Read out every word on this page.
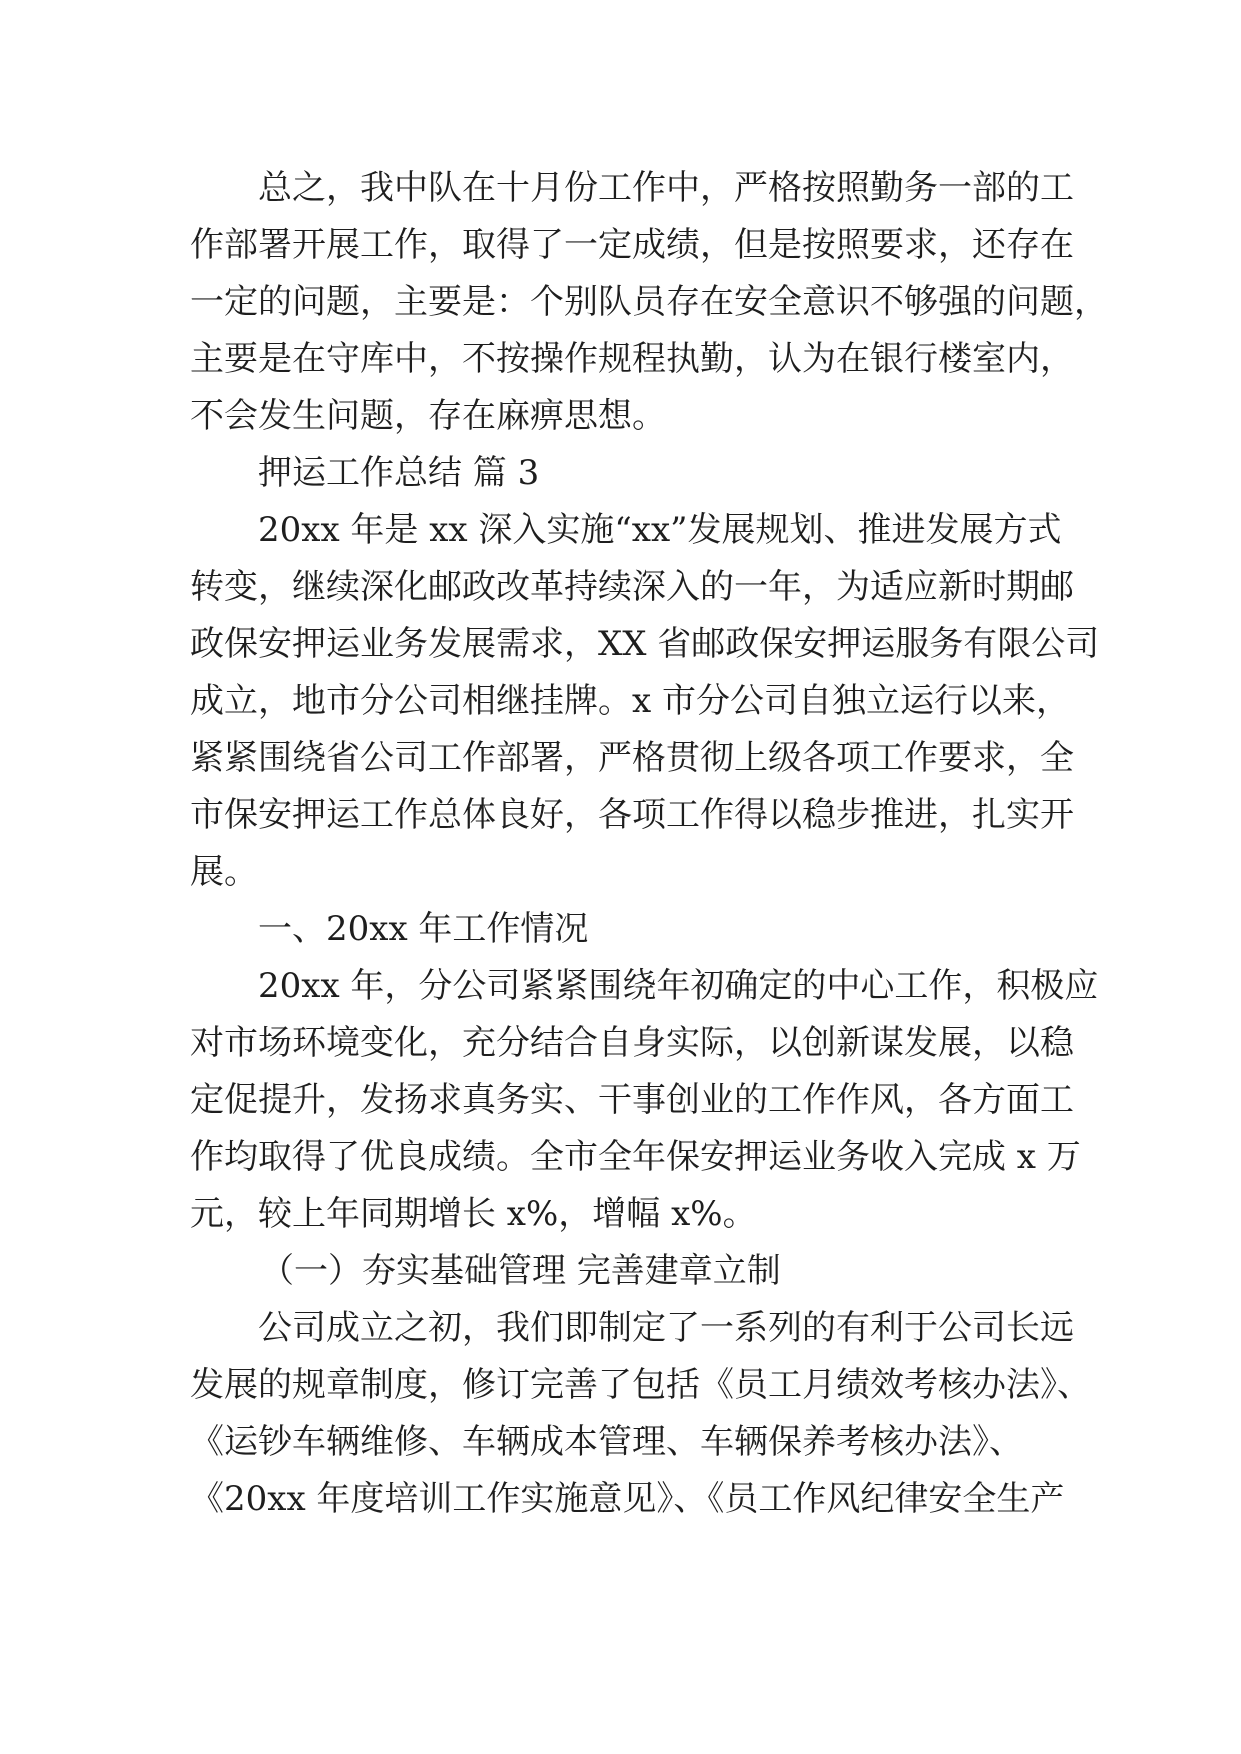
总之，我中队在十月份工作中，严格按照勤务一部的工

作部署开展工作，取得了一定成绩，但是按照要求，还存在

一定的问题，主要是：个别队员存在安全意识不够强的问题，

主要是在守库中，不按操作规程执勤，认为在银行楼室内，

不会发生问题，存在麻痹思想。

押运工作总结 篇 3

20xx 年是 xx 深入实施“xx”发展规划、推进发展方式

转变，继续深化邮政改革持续深入的一年，为适应新时期邮

政保安押运业务发展需求，XX 省邮政保安押运服务有限公司

成立，地市分公司相继挂牌。x 市分公司自独立运行以来，

紧紧围绕省公司工作部署，严格贯彻上级各项工作要求，全

市保安押运工作总体良好，各项工作得以稳步推进，扎实开

展。

一、20xx 年工作情况

20xx 年，分公司紧紧围绕年初确定的中心工作，积极应

对市场环境变化，充分结合自身实际，以创新谋发展，以稳

定促提升，发扬求真务实、干事创业的工作作风，各方面工

作均取得了优良成绩。全市全年保安押运业务收入完成 x 万

元，较上年同期增长 x%，增幅 x%。

（一）夯实基础管理 完善建章立制

公司成立之初，我们即制定了一系列的有利于公司长远

发展的规章制度，修订完善了包括《员工月绩效考核办法》、

《运钞车辆维修、车辆成本管理、车辆保养考核办法》、

《20xx 年度培训工作实施意见》、《员工作风纪律安全生产
